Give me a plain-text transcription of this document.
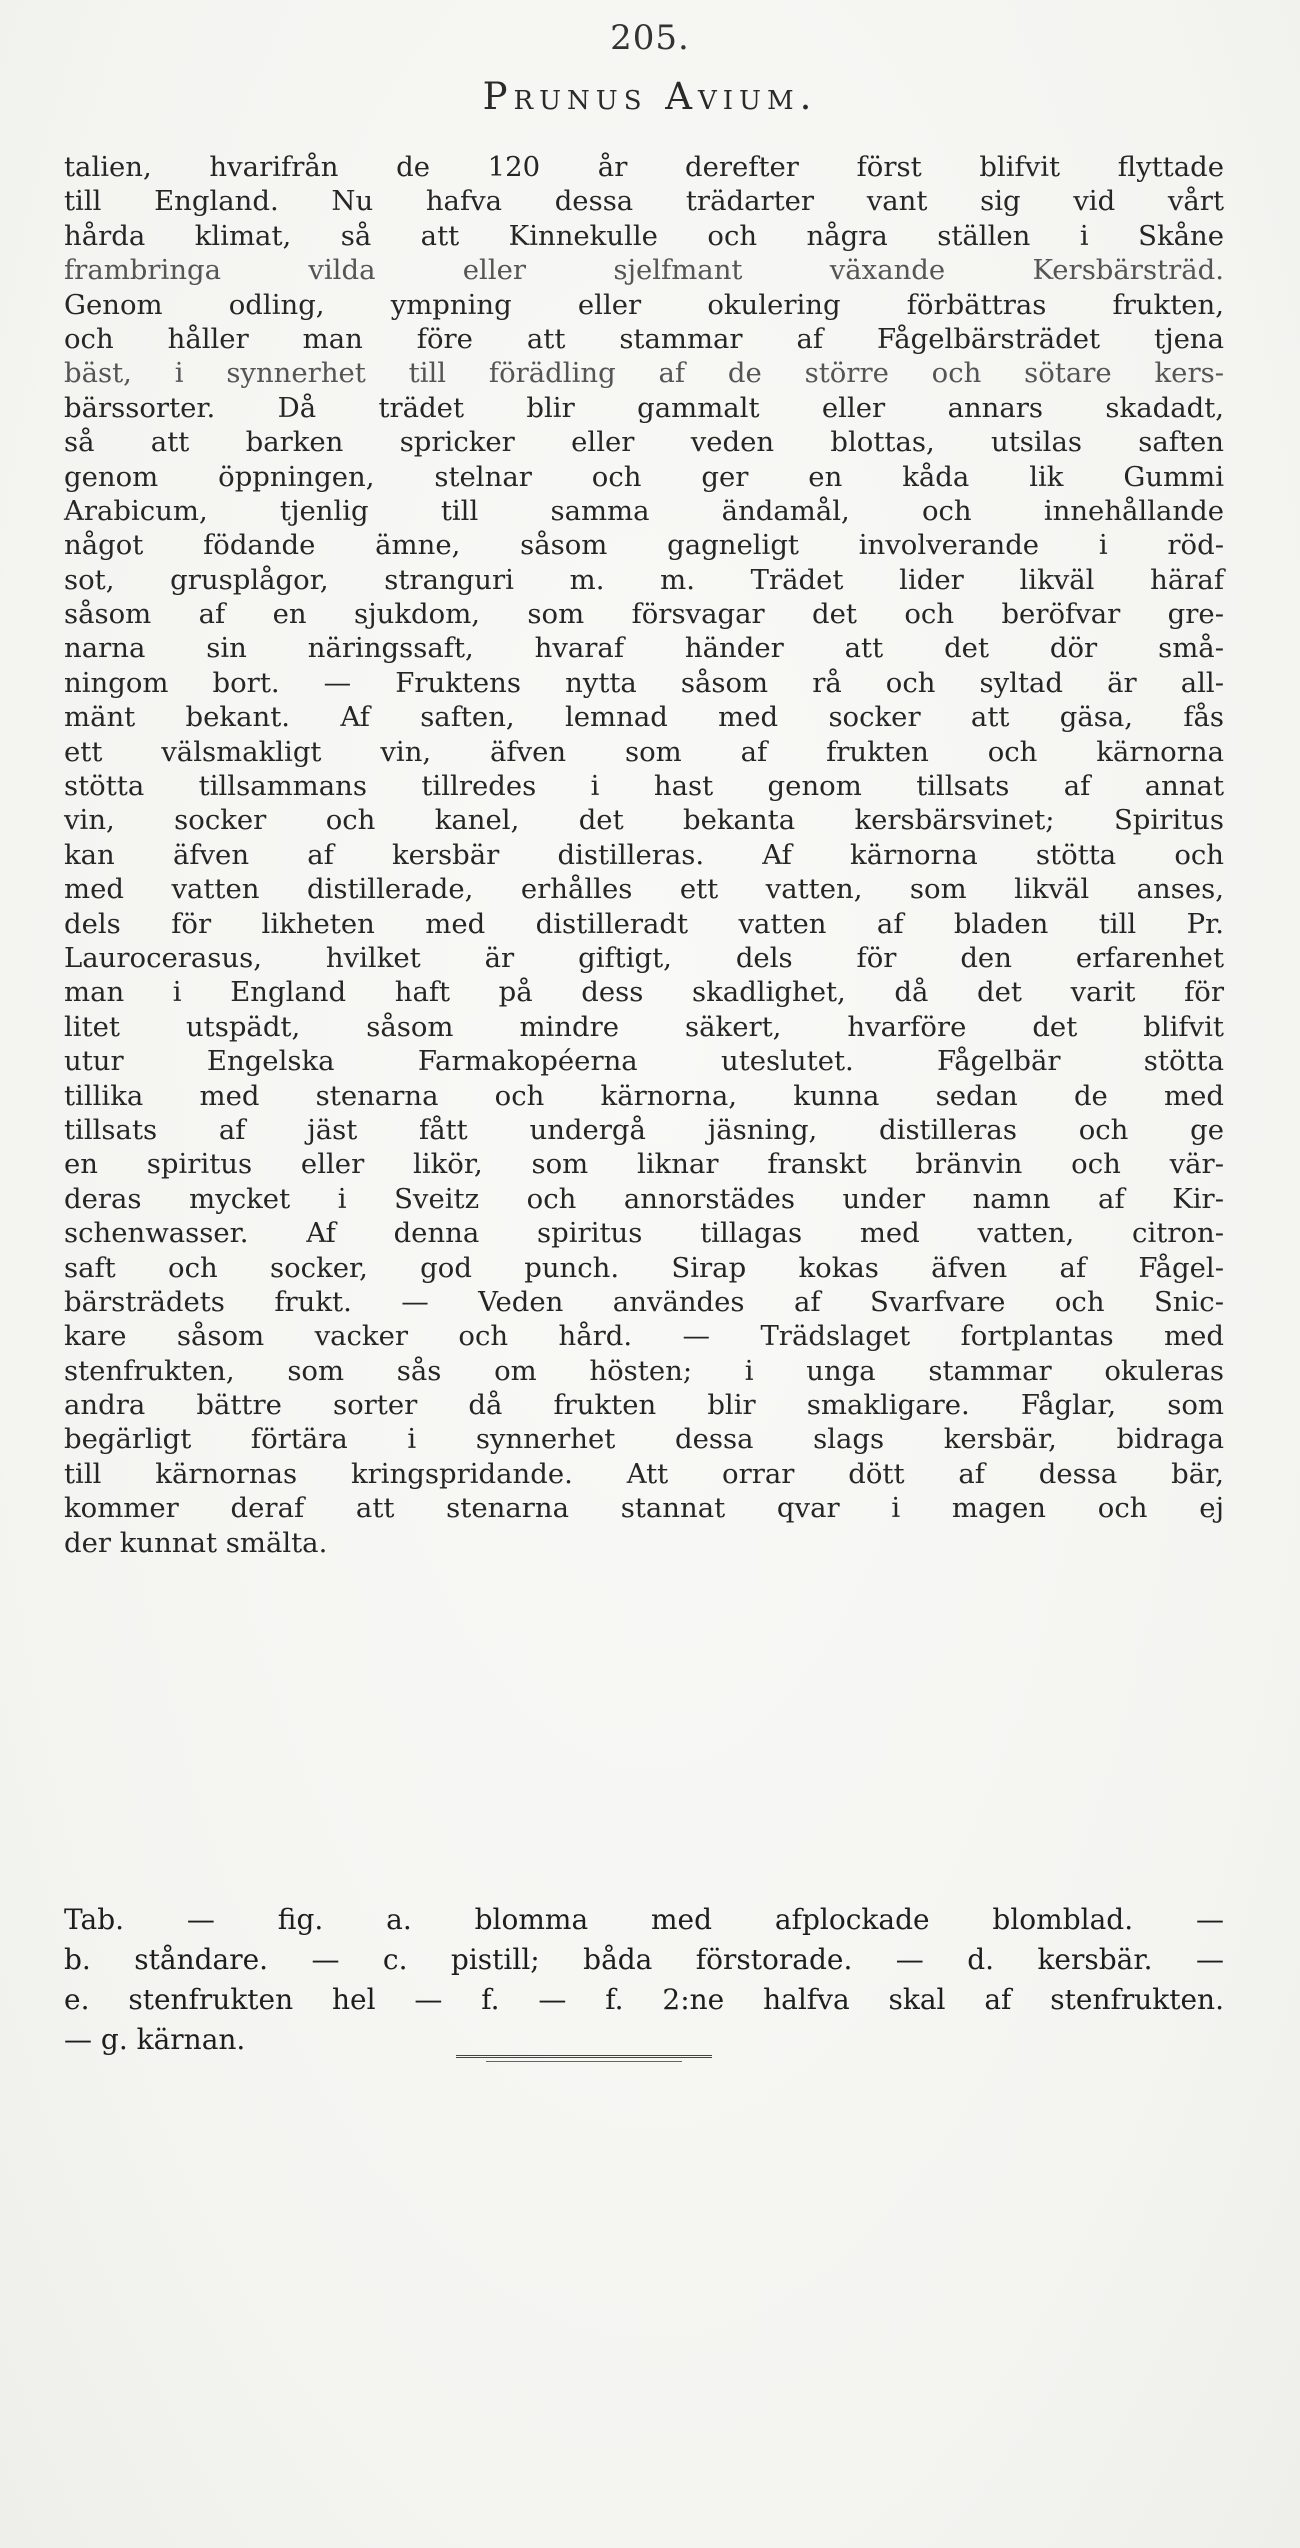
205.
Prunus Avium.
talien, hvarifrån de 120 år derefter först blifvit flyttade
till England. Nu hafva dessa trädarter vant sig vid vårt
hårda klimat, så att Kinnekulle och några ställen i Skåne
frambringa vilda eller sjelfmant växande Kersbärsträd.
Genom odling, ympning eller okulering förbättras frukten,
och håller man före att stammar af Fågelbärsträdet tjena
bäst, i synnerhet till förädling af de större och sötare kers-
bärssorter. Då trädet blir gammalt eller annars skadadt,
så att barken spricker eller veden blottas, utsilas saften
genom öppningen, stelnar och ger en kåda lik Gummi
Arabicum, tjenlig till samma ändamål, och innehållande
något födande ämne, såsom gagneligt involverande i röd-
sot, grusplågor, stranguri m. m. Trädet lider likväl häraf
såsom af en sjukdom, som försvagar det och beröfvar gre-
narna sin näringssaft, hvaraf händer att det dör små-
ningom bort. — Fruktens nytta såsom rå och syltad är all-
mänt bekant. Af saften, lemnad med socker att gäsa, fås
ett välsmakligt vin, äfven som af frukten och kärnorna
stötta tillsammans tillredes i hast genom tillsats af annat
vin, socker och kanel, det bekanta kersbärsvinet; Spiritus
kan äfven af kersbär distilleras. Af kärnorna stötta och
med vatten distillerade, erhålles ett vatten, som likväl anses,
dels för likheten med distilleradt vatten af bladen till Pr.
Laurocerasus, hvilket är giftigt, dels för den erfarenhet
man i England haft på dess skadlighet, då det varit för
litet utspädt, såsom mindre säkert, hvarföre det blifvit
utur Engelska Farmakopéerna uteslutet. Fågelbär stötta
tillika med stenarna och kärnorna, kunna sedan de med
tillsats af jäst fått undergå jäsning, distilleras och ge
en spiritus eller likör, som liknar franskt bränvin och vär-
deras mycket i Sveitz och annorstädes under namn af Kir-
schenwasser. Af denna spiritus tillagas med vatten, citron-
saft och socker, god punch. Sirap kokas äfven af Fågel-
bärsträdets frukt. — Veden användes af Svarfvare och Snic-
kare såsom vacker och hård. — Trädslaget fortplantas med
stenfrukten, som sås om hösten; i unga stammar okuleras
andra bättre sorter då frukten blir smakligare. Fåglar, som
begärligt förtära i synnerhet dessa slags kersbär, bidraga
till kärnornas kringspridande. Att orrar dött af dessa bär,
kommer deraf att stenarna stannat qvar i magen och ej
der kunnat smälta.
Tab. — fig. a. blomma med afplockade blomblad. —
b. ståndare. — c. pistill; båda förstorade. — d. kersbär. —
e. stenfrukten hel — f. — f. 2:ne halfva skal af stenfrukten.
— g. kärnan.
